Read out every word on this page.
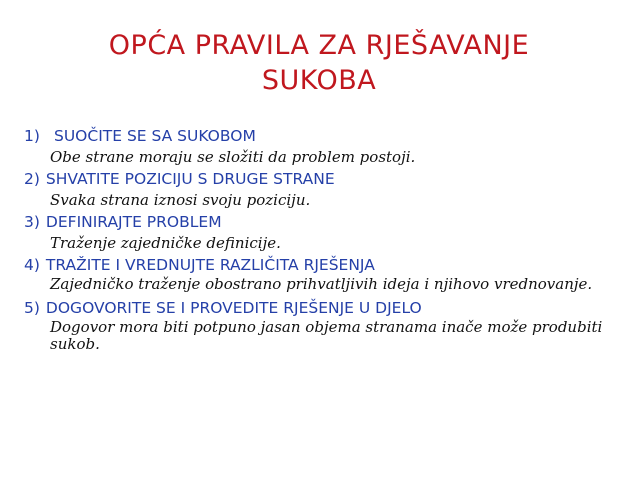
OPĆA PRAVILA ZA RJEŠAVANJE
SUKOBA
1) SUOČITE SE SA SUKOBOM
Obe strane moraju se složiti da problem postoji.
2) SHVATITE POZICIJU S DRUGE STRANE
Svaka strana iznosi svoju poziciju.
3) DEFINIRAJTE PROBLEM
Traženje zajedničke definicije.
4) TRAŽITE I VREDNUJTE RAZLIČITA RJEŠENJA
Zajedničko traženje obostrano prihvatljivih ideja i njihovo vrednovanje.
5) DOGOVORITE SE I PROVEDITE RJEŠENJE U DJELO
Dogovor mora biti potpuno jasan objema stranama inače može produbiti sukob.
